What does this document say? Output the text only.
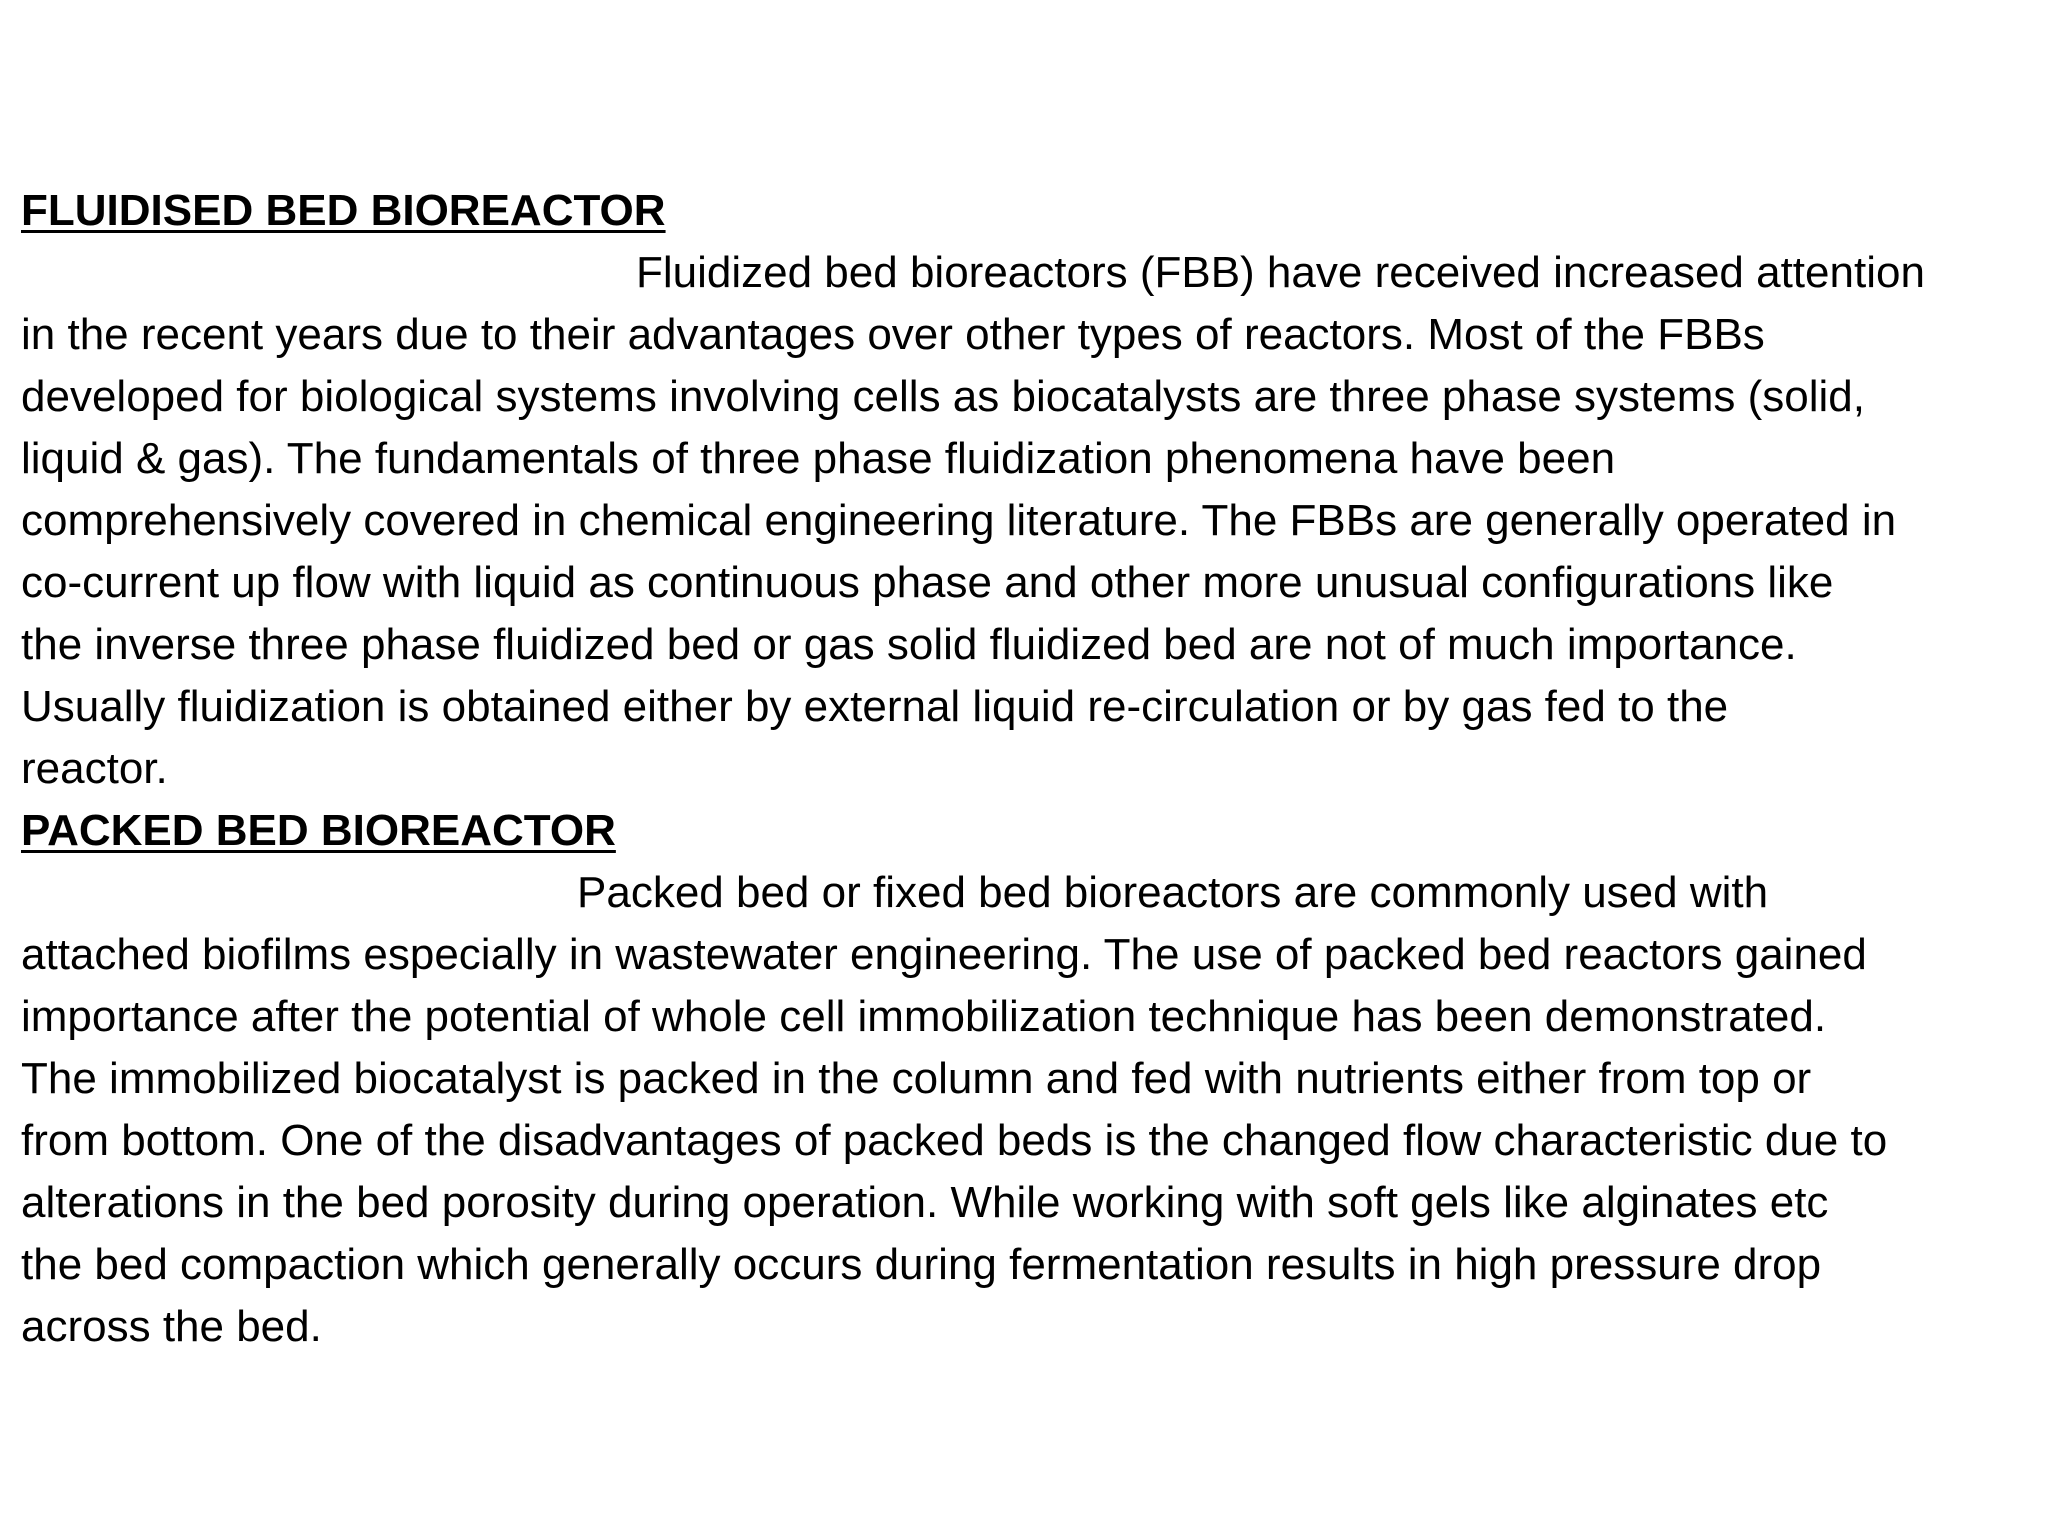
FLUIDISED BED BIOREACTOR
Fluidized bed bioreactors (FBB) have received increased attention
in the recent years due to their advantages over other types of reactors. Most of the FBBs
developed for biological systems involving cells as biocatalysts are three phase systems (solid,
liquid & gas). The fundamentals of three phase fluidization phenomena have been
comprehensively covered in chemical engineering literature. The FBBs are generally operated in
co-current up flow with liquid as continuous phase and other more unusual configurations like
the inverse three phase fluidized bed or gas solid fluidized bed are not of much importance.
Usually fluidization is obtained either by external liquid re-circulation or by gas fed to the
reactor.
PACKED BED BIOREACTOR
Packed bed or fixed bed bioreactors are commonly used with
attached biofilms especially in wastewater engineering. The use of packed bed reactors gained
importance after the potential of whole cell immobilization technique has been demonstrated.
The immobilized biocatalyst is packed in the column and fed with nutrients either from top or
from bottom. One of the disadvantages of packed beds is the changed flow characteristic due to
alterations in the bed porosity during operation. While working with soft gels like alginates etc
the bed compaction which generally occurs during fermentation results in high pressure drop
across the bed.
